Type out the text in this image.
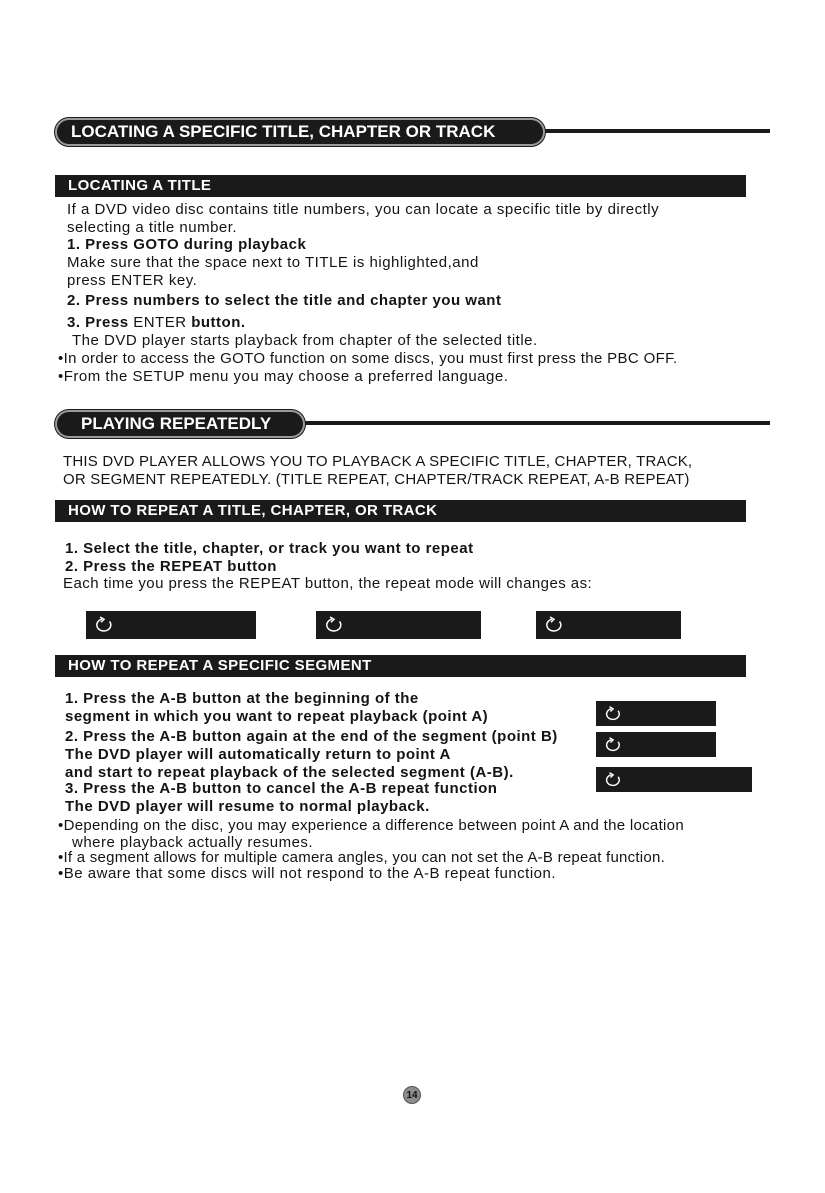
LOCATING A SPECIFIC TITLE, CHAPTER OR TRACK
LOCATING A TITLE
If a DVD video disc contains title numbers, you can locate a specific title by directly
selecting a title number.
1. Press GOTO during playback
Make sure that the space next to TITLE is highlighted,and
press ENTER key.
2. Press numbers to select the title and chapter you want
3. Press ENTER button.
The DVD player starts playback from chapter of the selected title.
•In order to access the GOTO function on some discs, you must first press the PBC OFF.
•From the SETUP menu you may choose a preferred language.
PLAYING REPEATEDLY
THIS DVD PLAYER ALLOWS YOU TO PLAYBACK A SPECIFIC TITLE, CHAPTER, TRACK,
OR SEGMENT REPEATEDLY. (TITLE REPEAT, CHAPTER/TRACK REPEAT, A-B REPEAT)
HOW TO REPEAT A TITLE, CHAPTER, OR TRACK
1. Select the title, chapter, or track you want to repeat
2. Press the REPEAT button
Each time you press the REPEAT button, the repeat mode will changes as:
HOW TO REPEAT A SPECIFIC SEGMENT
1. Press the A-B button at the beginning of the
segment in which you want to repeat playback (point A)
2. Press the A-B button again at the end of the segment (point B)
The DVD player will automatically return to point A
and start to repeat playback of the selected segment (A-B).
3. Press the A-B button to cancel the A-B repeat function
The DVD player will resume to normal playback.
•Depending on the disc, you may experience a difference between point A and the location
where playback actually resumes.
•If a segment allows for multiple camera angles, you can not set the A-B repeat function.
•Be aware that some discs will not respond to the A-B repeat function.
14
